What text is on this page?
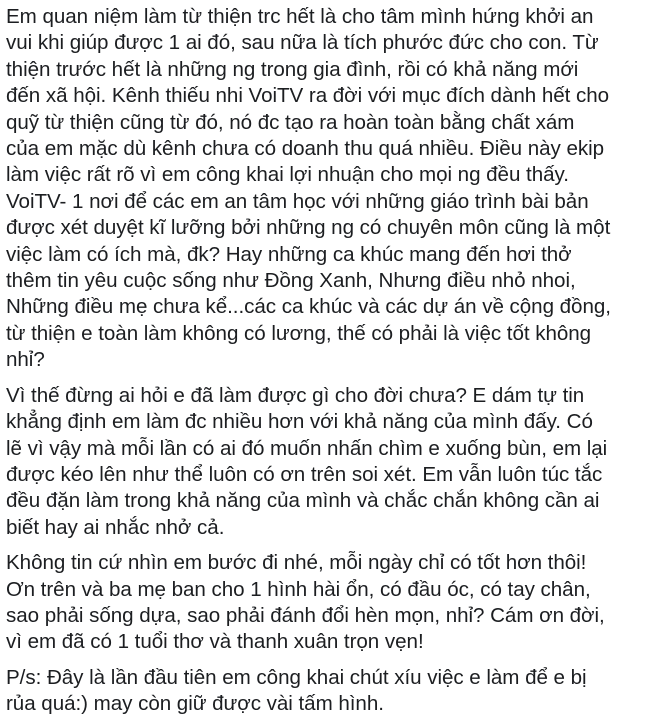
Em quan niệm làm từ thiện trc hết là cho tâm mình hứng khởi an
vui khi giúp được 1 ai đó, sau nữa là tích phước đức cho con. Từ
thiện trước hết là những ng trong gia đình, rồi có khả năng mới
đến xã hội. Kênh thiếu nhi VoiTV ra đời với mục đích dành hết cho
quỹ từ thiện cũng từ đó, nó đc tạo ra hoàn toàn bằng chất xám
của em mặc dù kênh chưa có doanh thu quá nhiều. Điều này ekip
làm việc rất rõ vì em công khai lợi nhuận cho mọi ng đều thấy.
VoiTV- 1 nơi để các em an tâm học với những giáo trình bài bản
được xét duyệt kĩ lưỡng bởi những ng có chuyên môn cũng là một
việc làm có ích mà, đk? Hay những ca khúc mang đến hơi thở
thêm tin yêu cuộc sống như Đồng Xanh, Nhưng điều nhỏ nhoi,
Những điều mẹ chưa kể...các ca khúc và các dự án về cộng đồng,
từ thiện e toàn làm không có lương, thế có phải là việc tốt không
nhỉ?

Vì thế đừng ai hỏi e đã làm được gì cho đời chưa? E dám tự tin
khẳng định em làm đc nhiều hơn với khả năng của mình đấy. Có
lẽ vì vậy mà mỗi lần có ai đó muốn nhấn chìm e xuống bùn, em lại
được kéo lên như thể luôn có ơn trên soi xét. Em vẫn luôn túc tắc
đều đặn làm trong khả năng của mình và chắc chắn không cần ai
biết hay ai nhắc nhở cả.

Không tin cứ nhìn em bước đi nhé, mỗi ngày chỉ có tốt hơn thôi!
Ơn trên và ba mẹ ban cho 1 hình hài ổn, có đầu óc, có tay chân,
sao phải sống dựa, sao phải đánh đổi hèn mọn, nhỉ? Cám ơn đời,
vì em đã có 1 tuổi thơ và thanh xuân trọn vẹn!

P/s: Đây là lần đầu tiên em công khai chút xíu việc e làm để e bị
rủa quá:) may còn giữ được vài tấm hình.
